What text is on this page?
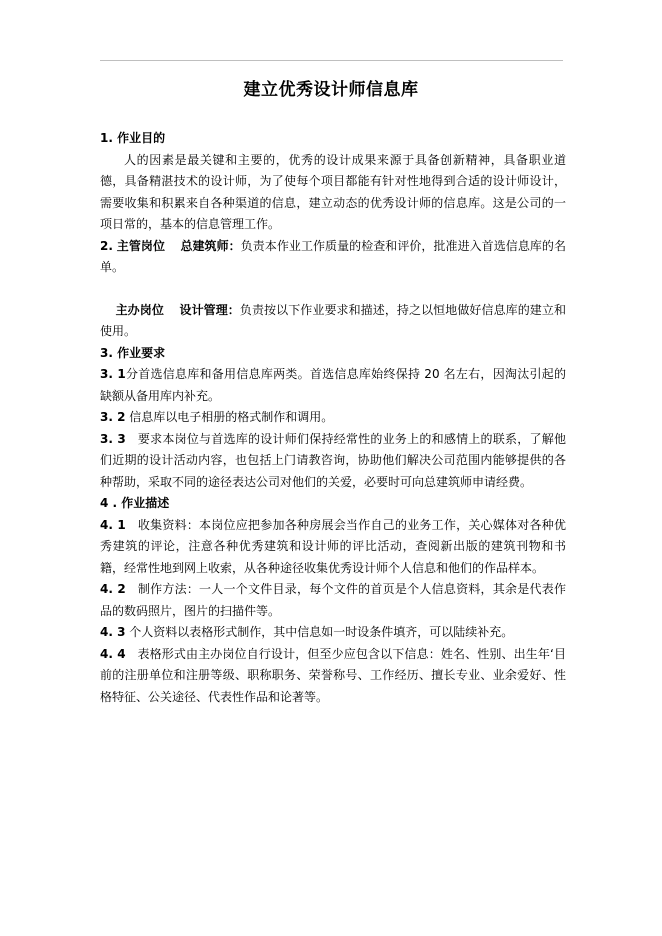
建立优秀设计师信息库

1. 作业目的

人的因素是最关键和主要的，优秀的设计成果来源于具备创新精神，具备职业道德，具备精湛技术的设计师，为了使每个项目都能有针对性地得到合适的设计师设计，需要收集和积累来自各种渠道的信息，建立动态的优秀设计师的信息库。这是公司的一项日常的，基本的信息管理工作。

2. 主管岗位 总建筑师：负责本作业工作质量的检查和评价，批准进入首选信息库的名单。

主办岗位 设计管理：负责按以下作业要求和描述，持之以恒地做好信息库的建立和使用。

3. 作业要求

3. 1分首选信息库和备用信息库两类。首选信息库始终保持 20 名左右，因淘汰引起的缺额从备用库内补充。

3. 2 信息库以电子相册的格式制作和调用。

3. 3 要求本岗位与首选库的设计师们保持经常性的业务上的和感情上的联系，了解他们近期的设计活动内容，也包括上门请教咨询，协助他们解决公司范围内能够提供的各种帮助，采取不同的途径表达公司对他们的关爱，必要时可向总建筑师申请经费。

4 . 作业描述

4. 1 收集资料：本岗位应把参加各种房展会当作自己的业务工作，关心媒体对各种优秀建筑的评论，注意各种优秀建筑和设计师的评比活动，查阅新出版的建筑刊物和书籍，经常性地到网上收索，从各种途径收集优秀设计师个人信息和他们的作品样本。

4. 2 制作方法：一人一个文件目录，每个文件的首页是个人信息资料，其余是代表作品的数码照片，图片的扫描件等。

4. 3 个人资料以表格形式制作，其中信息如一时设条件填齐，可以陆续补充。

4. 4 表格形式由主办岗位自行设计，但至少应包含以下信息：姓名、性别、出生年‘目前的注册单位和注册等级、职称职务、荣誉称号、工作经历、擅长专业、业余爱好、性格特征、公关途径、代表性作品和论著等。
